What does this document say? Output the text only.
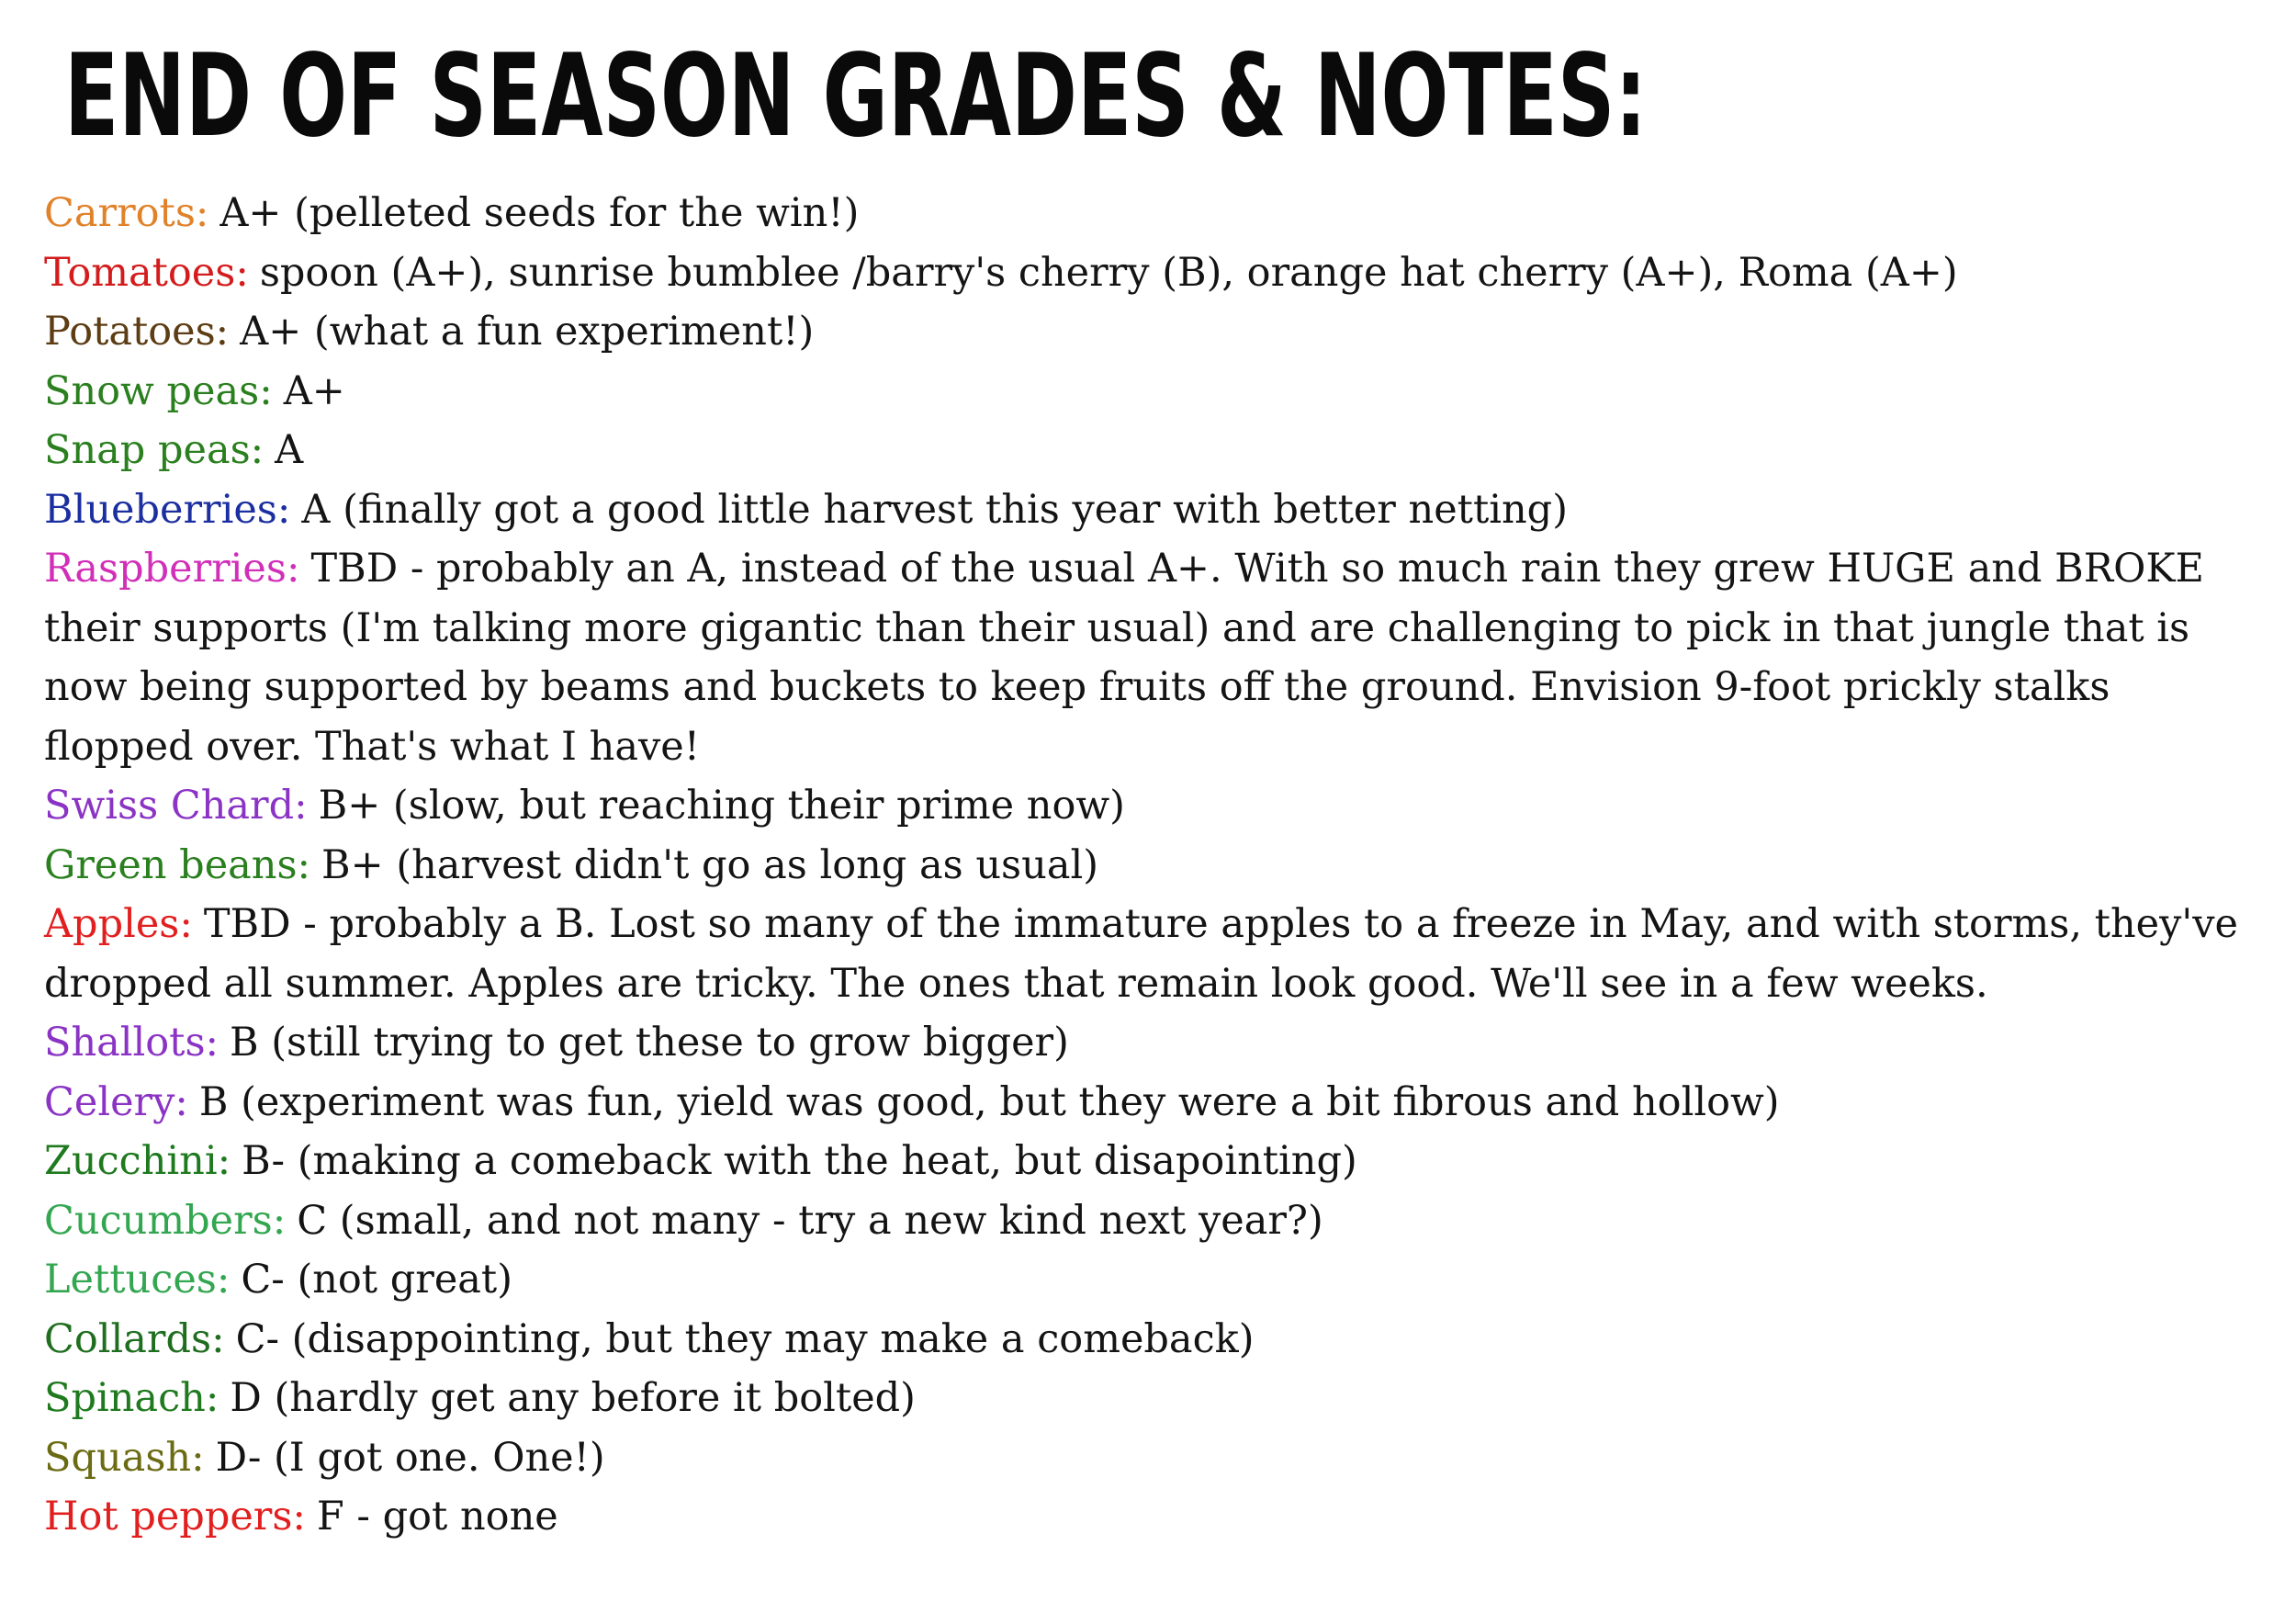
END OF SEASON GRADES & NOTES:
Carrots: A+ (pelleted seeds for the win!)
Tomatoes: spoon (A+), sunrise bumblee /barry's cherry (B), orange hat cherry (A+), Roma (A+)
Potatoes: A+ (what a fun experiment!)
Snow peas: A+
Snap peas: A
Blueberries: A (finally got a good little harvest this year with better netting)
Raspberries: TBD - probably an A, instead of the usual A+. With so much rain they grew HUGE and BROKE their supports (I'm talking more gigantic than their usual) and are challenging to pick in that jungle that is now being supported by beams and buckets to keep fruits off the ground. Envision 9-foot prickly stalks flopped over. That's what I have!
Swiss Chard: B+ (slow, but reaching their prime now)
Green beans: B+ (harvest didn't go as long as usual)
Apples: TBD - probably a B. Lost so many of the immature apples to a freeze in May, and with storms, they've dropped all summer. Apples are tricky. The ones that remain look good. We'll see in a few weeks.
Shallots: B (still trying to get these to grow bigger)
Celery: B (experiment was fun, yield was good, but they were a bit fibrous and hollow)
Zucchini: B- (making a comeback with the heat, but disapointing)
Cucumbers: C (small, and not many - try a new kind next year?)
Lettuces: C- (not great)
Collards: C- (disappointing, but they may make a comeback)
Spinach: D (hardly get any before it bolted)
Squash: D- (I got one. One!)
Hot peppers: F - got none
